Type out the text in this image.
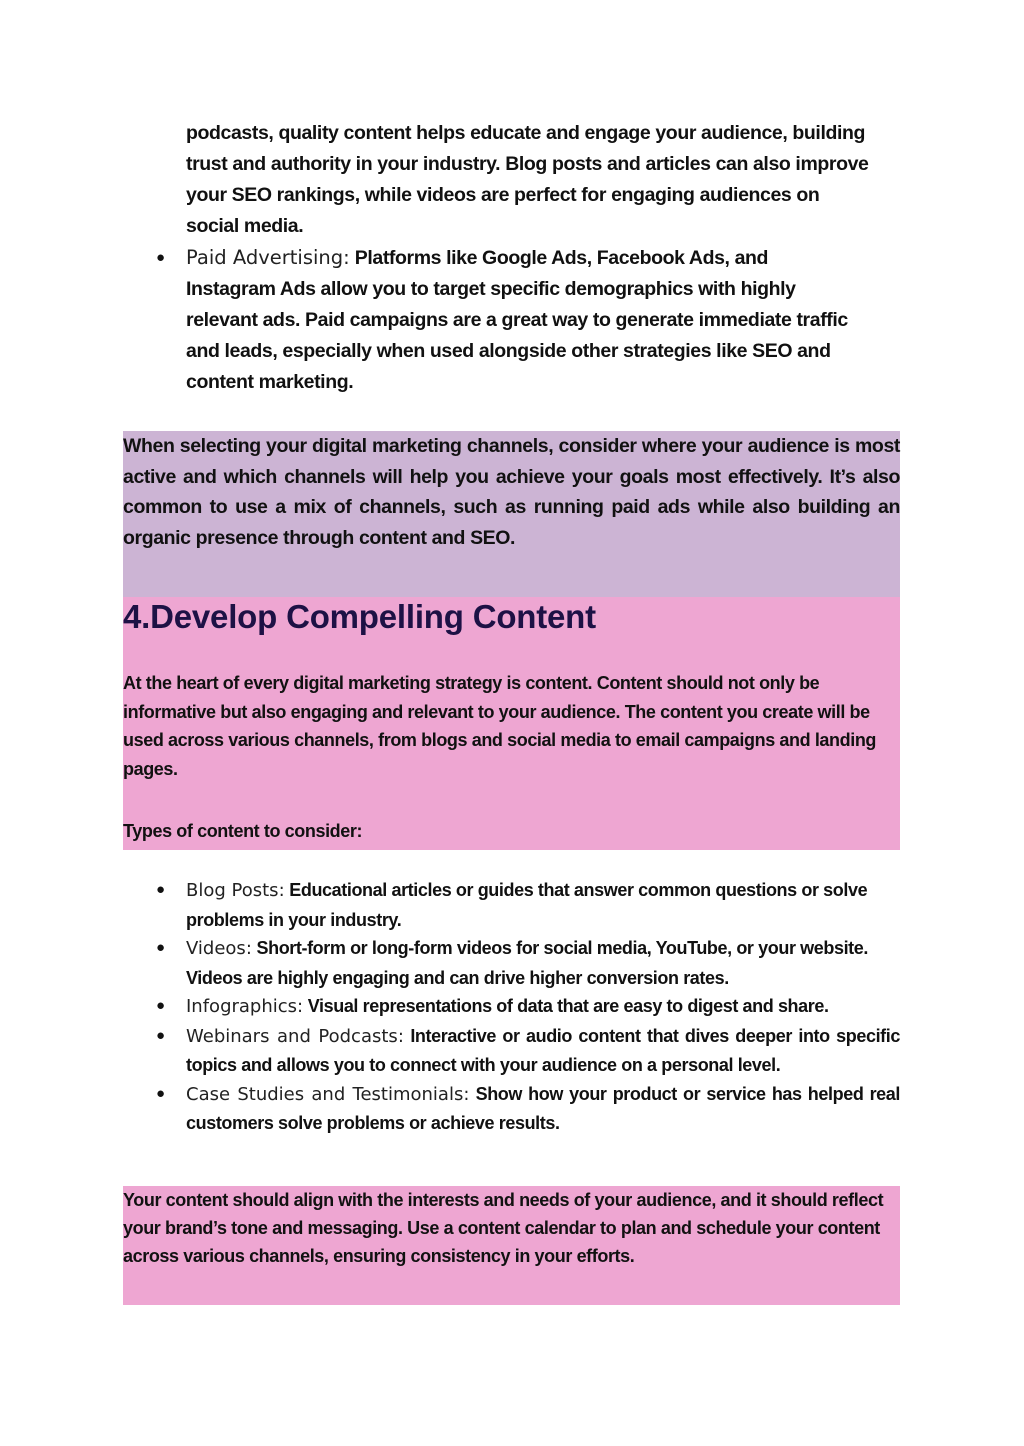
podcasts, quality content helps educate and engage your audience, building trust and authority in your industry. Blog posts and articles can also improve your SEO rankings, while videos are perfect for engaging audiences on social media.
● Paid Advertising: Platforms like Google Ads, Facebook Ads, and Instagram Ads allow you to target specific demographics with highly relevant ads. Paid campaigns are a great way to generate immediate traffic and leads, especially when used alongside other strategies like SEO and content marketing.

When selecting your digital marketing channels, consider where your audience is most active and which channels will help you achieve your goals most effectively. It’s also common to use a mix of channels, such as running paid ads while also building an organic presence through content and SEO.

4.Develop Compelling Content

At the heart of every digital marketing strategy is content. Content should not only be informative but also engaging and relevant to your audience. The content you create will be used across various channels, from blogs and social media to email campaigns and landing pages.

Types of content to consider:

● Blog Posts: Educational articles or guides that answer common questions or solve problems in your industry.
● Videos: Short-form or long-form videos for social media, YouTube, or your website. Videos are highly engaging and can drive higher conversion rates.
● Infographics: Visual representations of data that are easy to digest and share.
● Webinars and Podcasts: Interactive or audio content that dives deeper into specific topics and allows you to connect with your audience on a personal level.
● Case Studies and Testimonials: Show how your product or service has helped real customers solve problems or achieve results.

Your content should align with the interests and needs of your audience, and it should reflect your brand’s tone and messaging. Use a content calendar to plan and schedule your content across various channels, ensuring consistency in your efforts.
